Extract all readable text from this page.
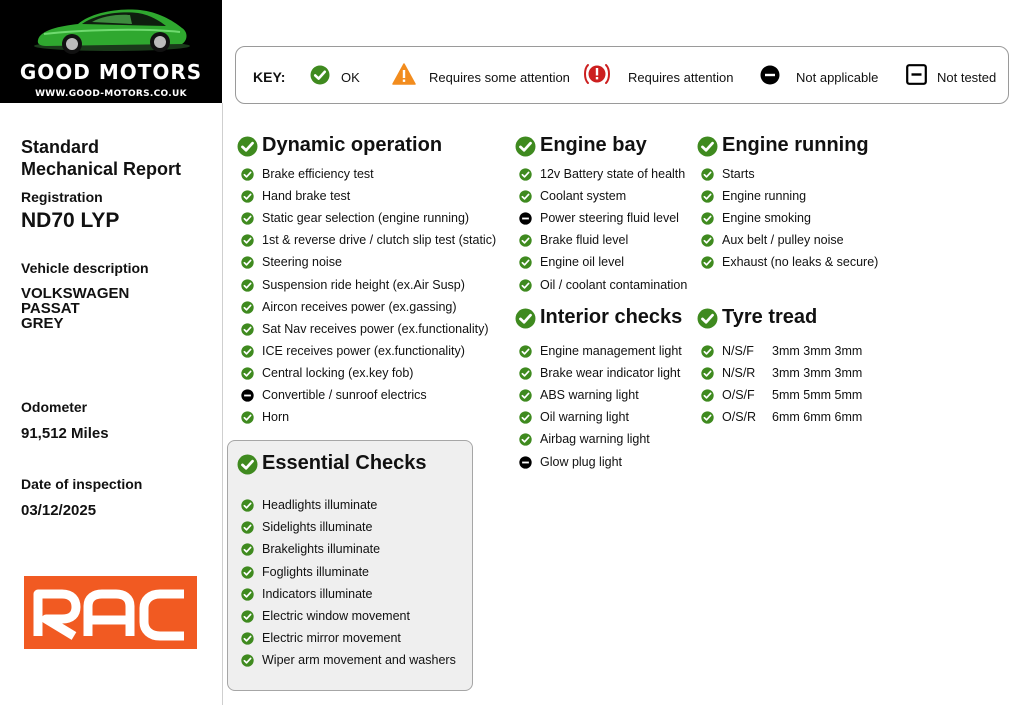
GOOD MOTORS
WWW.GOOD-MOTORS.CO.UK
Standard
Mechanical Report
Registration
ND70 LYP
Vehicle description
VOLKSWAGEN
PASSAT
GREY
Odometer
91,512 Miles
Date of inspection
03/12/2025
KEY:	OK	Requires some attention	Requires attention	Not applicable	Not tested
Dynamic operation
Brake efficiency test
Hand brake test
Static gear selection (engine running)
1st & reverse drive / clutch slip test (static)
Steering noise
Suspension ride height (ex.Air Susp)
Aircon receives power (ex.gassing)
Sat Nav receives power (ex.functionality)
ICE receives power (ex.functionality)
Central locking (ex.key fob)
Convertible / sunroof electrics
Horn
Essential Checks
Headlights illuminate
Sidelights illuminate
Brakelights illuminate
Foglights illuminate
Indicators illuminate
Electric window movement
Electric mirror movement
Wiper arm movement and washers
Engine bay
12v Battery state of health
Coolant system
Power steering fluid level
Brake fluid level
Engine oil level
Oil / coolant contamination
Interior checks
Engine management light
Brake wear indicator light
ABS warning light
Oil warning light
Airbag warning light
Glow plug light
Engine running
Starts
Engine running
Engine smoking
Aux belt / pulley noise
Exhaust (no leaks & secure)
Tyre tread
N/S/F 3mm 3mm 3mm
N/S/R 3mm 3mm 3mm
O/S/F 5mm 5mm 5mm
O/S/R 6mm 6mm 6mm
